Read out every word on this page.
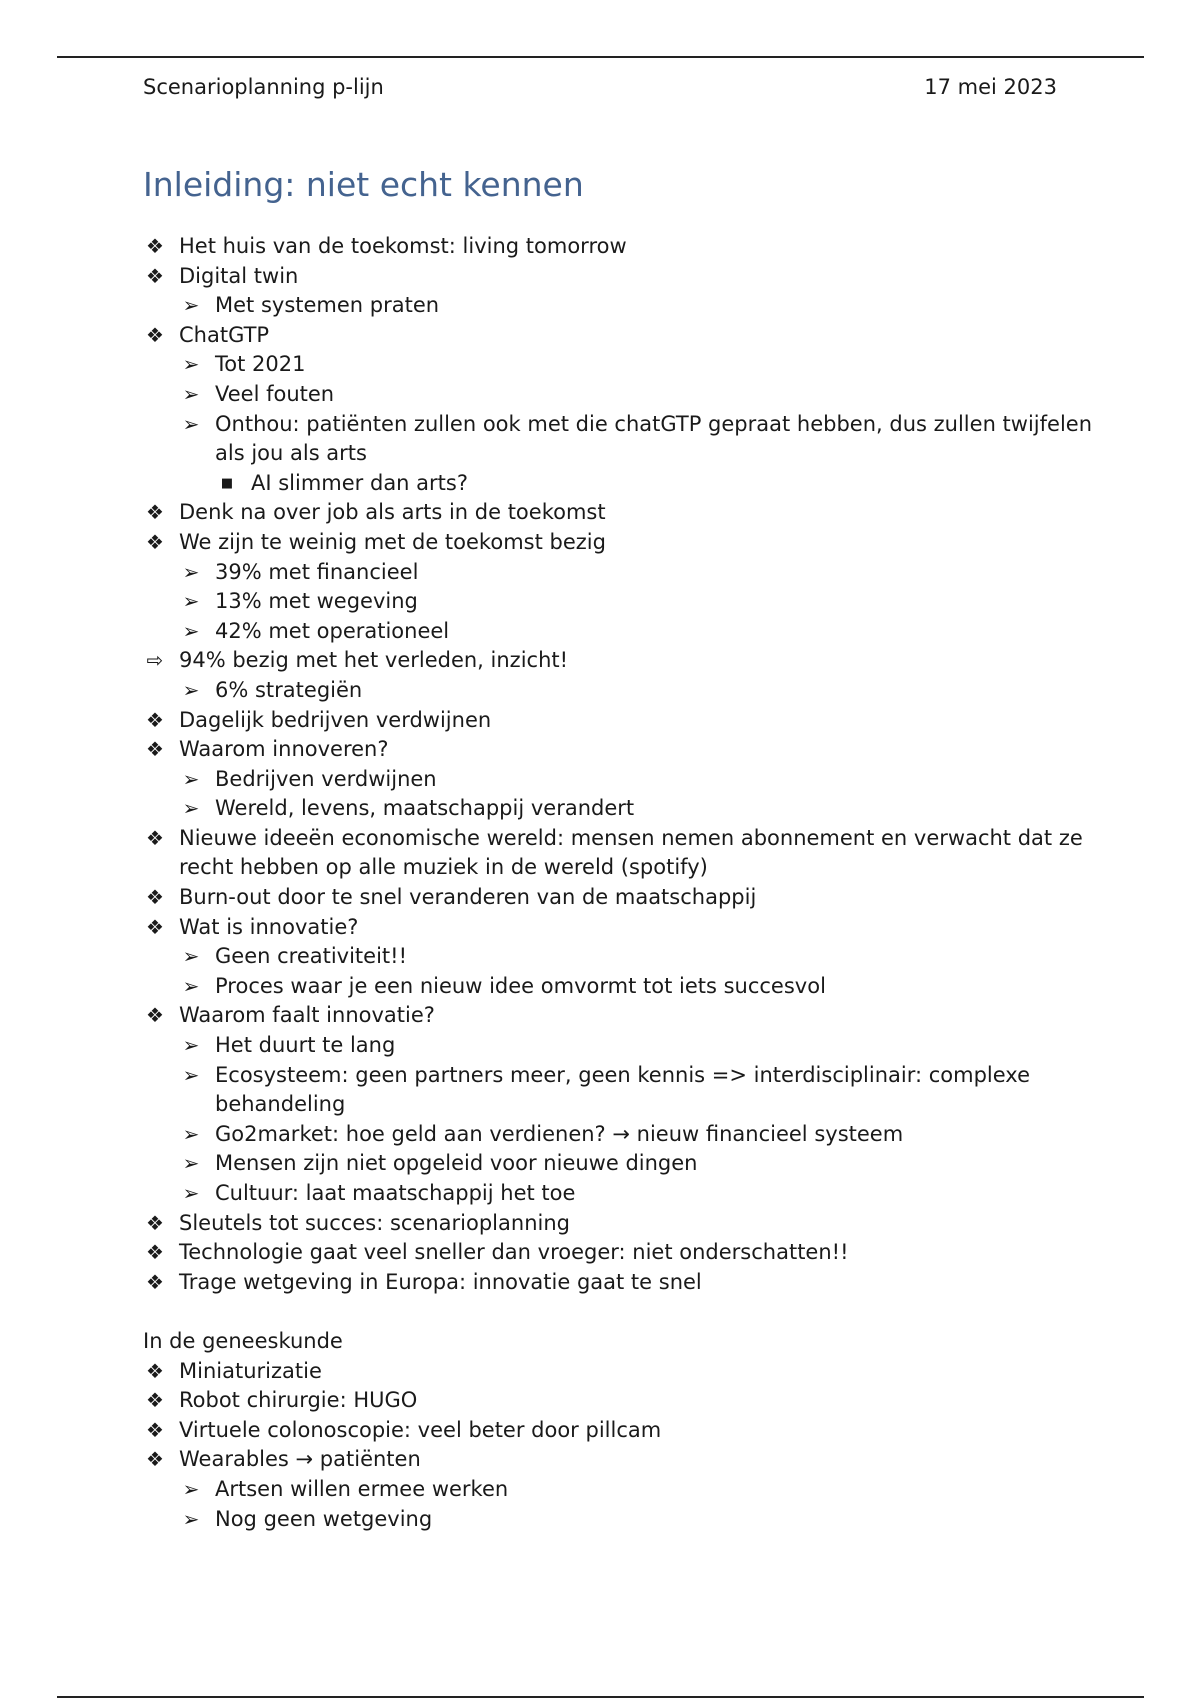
Scenarioplanning p-lijn	17 mei 2023
Inleiding: niet echt kennen
❖ Het huis van de toekomst: living tomorrow
❖ Digital twin
➢ Met systemen praten
❖ ChatGTP
➢ Tot 2021
➢ Veel fouten
➢ Onthou: patiënten zullen ook met die chatGTP gepraat hebben, dus zullen twijfelen
als jou als arts
■ AI slimmer dan arts?
❖ Denk na over job als arts in de toekomst
❖ We zijn te weinig met de toekomst bezig
➢ 39% met financieel
➢ 13% met wegeving
➢ 42% met operationeel
⇨ 94% bezig met het verleden, inzicht!
➢ 6% strategiën
❖ Dagelijk bedrijven verdwijnen
❖ Waarom innoveren?
➢ Bedrijven verdwijnen
➢ Wereld, levens, maatschappij verandert
❖ Nieuwe ideeën economische wereld: mensen nemen abonnement en verwacht dat ze
recht hebben op alle muziek in de wereld (spotify)
❖ Burn-out door te snel veranderen van de maatschappij
❖ Wat is innovatie?
➢ Geen creativiteit!!
➢ Proces waar je een nieuw idee omvormt tot iets succesvol
❖ Waarom faalt innovatie?
➢ Het duurt te lang
➢ Ecosysteem: geen partners meer, geen kennis => interdisciplinair: complexe
behandeling
➢ Go2market: hoe geld aan verdienen? → nieuw financieel systeem
➢ Mensen zijn niet opgeleid voor nieuwe dingen
➢ Cultuur: laat maatschappij het toe
❖ Sleutels tot succes: scenarioplanning
❖ Technologie gaat veel sneller dan vroeger: niet onderschatten!!
❖ Trage wetgeving in Europa: innovatie gaat te snel
In de geneeskunde
❖ Miniaturizatie
❖ Robot chirurgie: HUGO
❖ Virtuele colonoscopie: veel beter door pillcam
❖ Wearables → patiënten
➢ Artsen willen ermee werken
➢ Nog geen wetgeving
